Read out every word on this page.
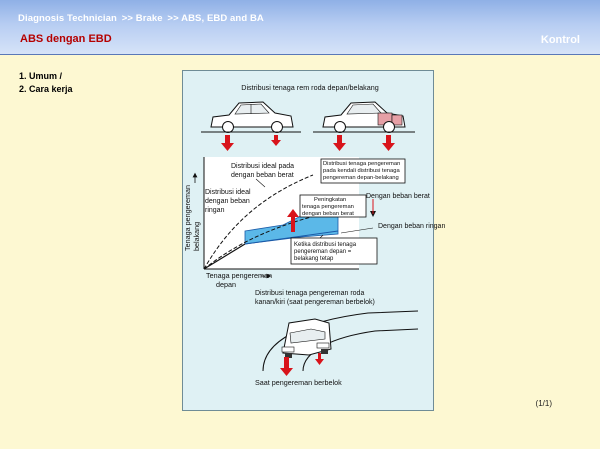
Diagnosis Technician >> Brake >> ABS, EBD and BA
ABS dengan EBD	Kontrol
1. Umum /
2. Cara kerja	Distribusi tenaga rem roda depan/belakang
Tenaga pengereman belakang
Distribusi ideal pada
dengan beban berat
Distribusi ideal
dengan beban
ringan
Distribusi tenaga pengereman
pada kendali distribusi tenaga
pengereman depan-belakang
Peningkatan
tenaga pengereman
dengan beban berat
Ketika distribusi tenaga
pengereman depan =
belakang tetap
Dengan beban berat
Dengan beban ringan
Tenaga pengereman
depan
Distribusi tenaga pengereman roda
kanan/kiri (saat pengereman berbelok)
Saat pengereman berbelok
(1/1)
